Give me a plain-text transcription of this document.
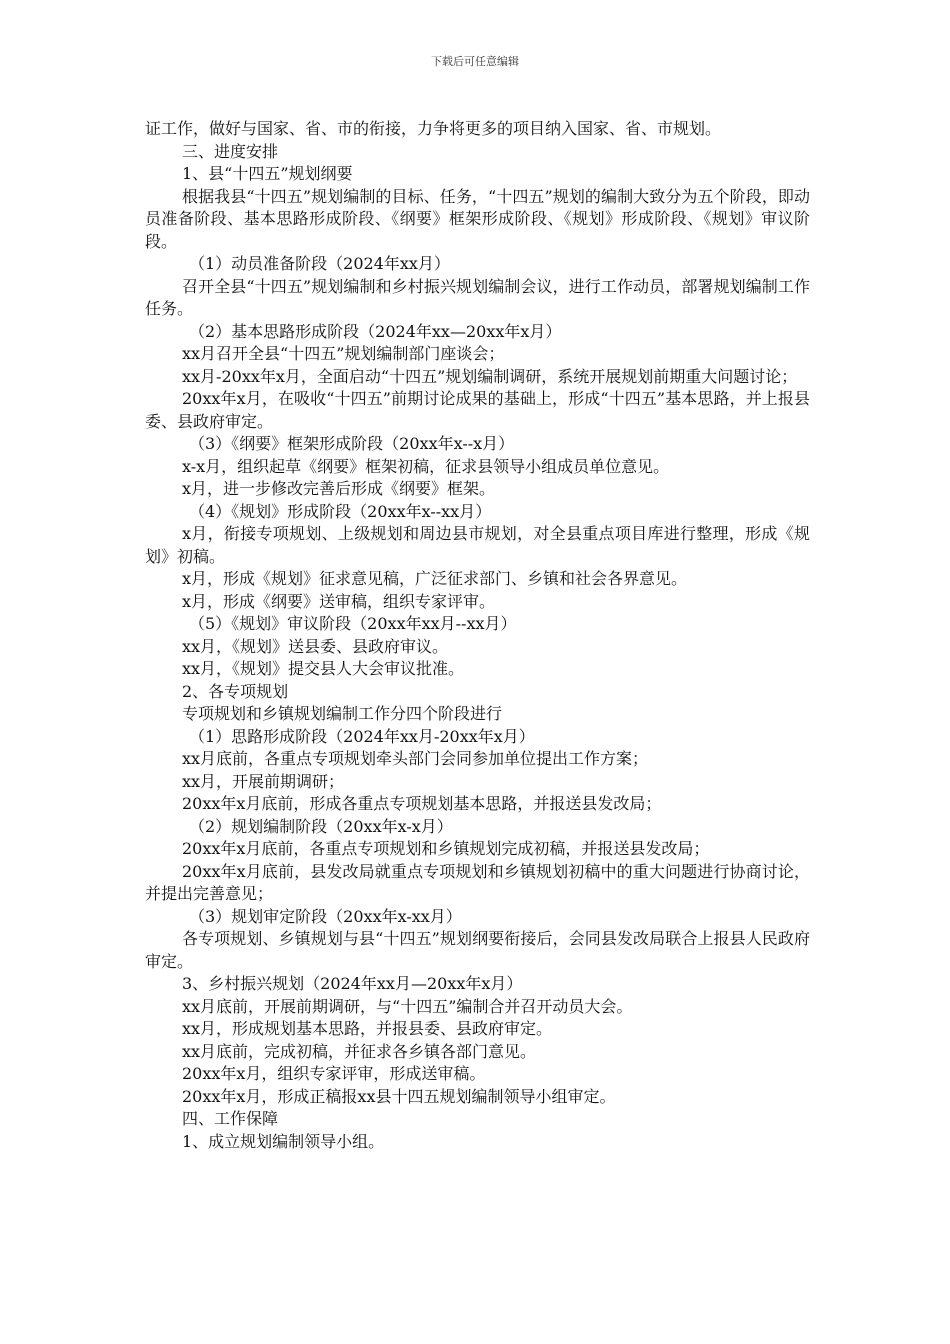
下载后可任意编辑

证工作，做好与国家、省、市的衔接，力争将更多的项目纳入国家、省、市规划。

三、进度安排

1、县“十四五”规划纲要

根据我县“十四五”规划编制的目标、任务，“十四五”规划的编制大致分为五个阶段，即动员准备阶段、基本思路形成阶段、《纲要》框架形成阶段、《规划》形成阶段、《规划》审议阶段。

（1）动员准备阶段（2024年xx月）

召开全县“十四五”规划编制和乡村振兴规划编制会议，进行工作动员，部署规划编制工作任务。

（2）基本思路形成阶段（2024年xx—20xx年x月）

xx月召开全县“十四五”规划编制部门座谈会；

xx月-20xx年x月，全面启动“十四五”规划编制调研，系统开展规划前期重大问题讨论；

20xx年x月，在吸收“十四五”前期讨论成果的基础上，形成“十四五”基本思路，并上报县委、县政府审定。

（3）《纲要》框架形成阶段（20xx年x--x月）

x-x月，组织起草《纲要》框架初稿，征求县领导小组成员单位意见。

x月，进一步修改完善后形成《纲要》框架。

（4）《规划》形成阶段（20xx年x--xx月）

x月，衔接专项规划、上级规划和周边县市规划，对全县重点项目库进行整理，形成《规划》初稿。

x月，形成《规划》征求意见稿，广泛征求部门、乡镇和社会各界意见。

x月，形成《纲要》送审稿，组织专家评审。

（5）《规划》审议阶段（20xx年xx月--xx月）

xx月，《规划》送县委、县政府审议。

xx月，《规划》提交县人大会审议批准。

2、各专项规划

专项规划和乡镇规划编制工作分四个阶段进行

（1）思路形成阶段（2024年xx月-20xx年x月）

xx月底前，各重点专项规划牵头部门会同参加单位提出工作方案；

xx月，开展前期调研；

20xx年x月底前，形成各重点专项规划基本思路，并报送县发改局；

（2）规划编制阶段（20xx年x-x月）

20xx年x月底前，各重点专项规划和乡镇规划完成初稿，并报送县发改局；

20xx年x月底前，县发改局就重点专项规划和乡镇规划初稿中的重大问题进行协商讨论，并提出完善意见；

（3）规划审定阶段（20xx年x-xx月）

各专项规划、乡镇规划与县“十四五”规划纲要衔接后，会同县发改局联合上报县人民政府审定。

3、乡村振兴规划（2024年xx月—20xx年x月）

xx月底前，开展前期调研，与“十四五”编制合并召开动员大会。

xx月，形成规划基本思路，并报县委、县政府审定。

xx月底前，完成初稿，并征求各乡镇各部门意见。

20xx年x月，组织专家评审，形成送审稿。

20xx年x月，形成正稿报xx县十四五规划编制领导小组审定。

四、工作保障

1、成立规划编制领导小组。
